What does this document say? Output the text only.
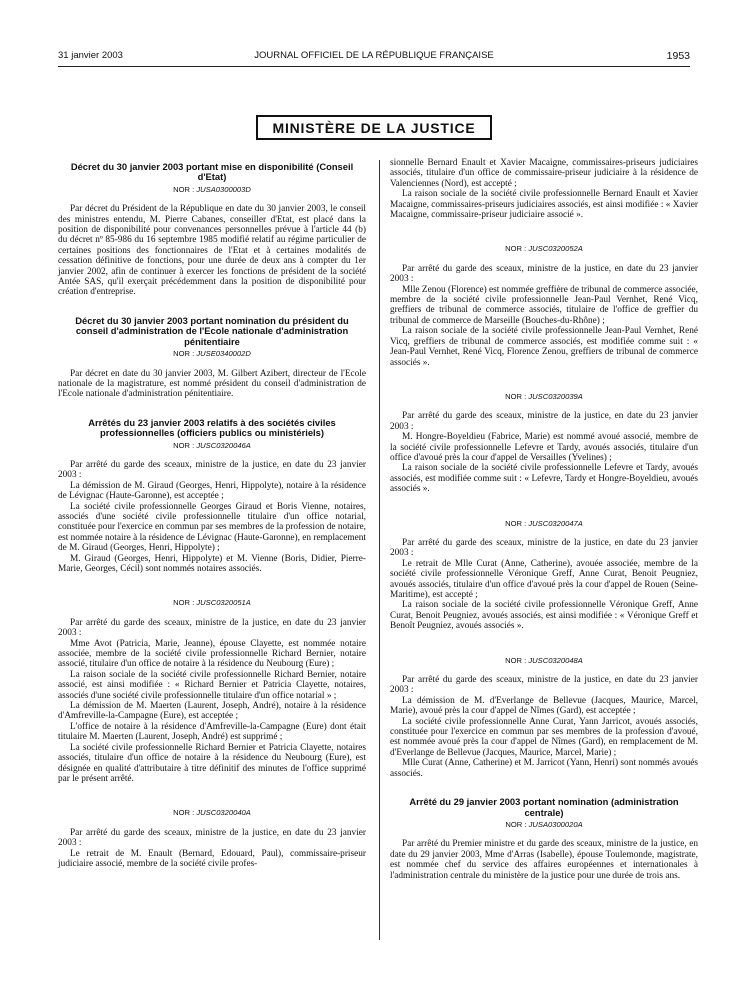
31 janvier 2003	JOURNAL OFFICIEL DE LA RÉPUBLIQUE FRANÇAISE	1953
MINISTÈRE DE LA JUSTICE
Décret du 30 janvier 2003 portant mise en disponibilité (Conseil d'Etat)
NOR : JUSA0300003D

Par décret du Président de la République en date du 30 janvier 2003, le conseil des ministres entendu, M. Pierre Cabanes, conseiller d'Etat, est placé dans la position de disponibilité pour convenances personnelles prévue à l'article 44 (b) du décret nº 85-986 du 16 septembre 1985 modifié relatif au régime particulier de certaines positions des fonctionnaires de l'Etat et à certaines modalités de cessation définitive de fonctions, pour une durée de deux ans à compter du 1er janvier 2002, afin de continuer à exercer les fonctions de président de la société Antée SAS, qu'il exerçait précédemment dans la position de disponibilité pour création d'entreprise.

Décret du 30 janvier 2003 portant nomination du président du conseil d'administration de l'Ecole nationale d'administration pénitentiaire
NOR : JUSE0340002D

Par décret en date du 30 janvier 2003, M. Gilbert Azibert, directeur de l'Ecole nationale de la magistrature, est nommé président du conseil d'administration de l'Ecole nationale d'administration pénitentiaire.

Arrêtés du 23 janvier 2003 relatifs à des sociétés civiles professionnelles (officiers publics ou ministériels)
NOR : JUSC0320046A

Par arrêté du garde des sceaux, ministre de la justice, en date du 23 janvier 2003 :

La démission de M. Giraud (Georges, Henri, Hippolyte), notaire à la résidence de Lévignac (Haute-Garonne), est acceptée ;

La société civile professionnelle Georges Giraud et Boris Vienne, notaires, associés d'une société civile professionnelle titulaire d'un office notarial, constituée pour l'exercice en commun par ses membres de la profession de notaire, est nommée notaire à la résidence de Lévignac (Haute-Garonne), en remplacement de M. Giraud (Georges, Henri, Hippolyte) ;

M. Giraud (Georges, Henri, Hippolyte) et M. Vienne (Boris, Didier, Pierre-Marie, Georges, Cécil) sont nommés notaires associés.

NOR : JUSC0320051A

Par arrêté du garde des sceaux, ministre de la justice, en date du 23 janvier 2003 :

Mme Avot (Patricia, Marie, Jeanne), épouse Clayette, est nommée notaire associée, membre de la société civile professionnelle Richard Bernier, notaire associé, titulaire d'un office de notaire à la résidence du Neubourg (Eure) ;

La raison sociale de la société civile professionnelle Richard Bernier, notaire associé, est ainsi modifiée : « Richard Bernier et Patricia Clayette, notaires, associés d'une société civile professionnelle titulaire d'un office notarial » ;

La démission de M. Maerten (Laurent, Joseph, André), notaire à la résidence d'Amfreville-la-Campagne (Eure), est acceptée ;

L'office de notaire à la résidence d'Amfreville-la-Campagne (Eure) dont était titulaire M. Maerten (Laurent, Joseph, André) est supprimé ;

La société civile professionnelle Richard Bernier et Patricia Clayette, notaires associés, titulaire d'un office de notaire à la résidence du Neubourg (Eure), est désignée en qualité d'attributaire à titre définitif des minutes de l'office supprimé par le présent arrêté.

NOR : JUSC0320040A

Par arrêté du garde des sceaux, ministre de la justice, en date du 23 janvier 2003 :

Le retrait de M. Enault (Bernard, Edouard, Paul), commissaire-priseur judiciaire associé, membre de la société civile profes-

sionnelle Bernard Enault et Xavier Macaigne, commissaires-priseurs judiciaires associés, titulaire d'un office de commissaire-priseur judiciaire à la résidence de Valenciennes (Nord), est accepté ;

La raison sociale de la société civile professionnelle Bernard Enault et Xavier Macaigne, commissaires-priseurs judiciaires associés, est ainsi modifiée : « Xavier Macaigne, commissaire-priseur judiciaire associé ».

NOR : JUSC0320052A

Par arrêté du garde des sceaux, ministre de la justice, en date du 23 janvier 2003 :

Mlle Zenou (Florence) est nommée greffière de tribunal de commerce associée, membre de la société civile professionnelle Jean-Paul Vernhet, René Vicq, greffiers de tribunal de commerce associés, titulaire de l'office de greffier du tribunal de commerce de Marseille (Bouches-du-Rhône) ;

La raison sociale de la société civile professionnelle Jean-Paul Vernhet, René Vicq, greffiers de tribunal de commerce associés, est modifiée comme suit : « Jean-Paul Vernhet, René Vicq, Florence Zenou, greffiers de tribunal de commerce associés ».

NOR : JUSC0320039A

Par arrêté du garde des sceaux, ministre de la justice, en date du 23 janvier 2003 :

M. Hongre-Boyeldieu (Fabrice, Marie) est nommé avoué associé, membre de la société civile professionnelle Lefevre et Tardy, avoués associés, titulaire d'un office d'avoué près la cour d'appel de Versailles (Yvelines) ;

La raison sociale de la société civile professionnelle Lefevre et Tardy, avoués associés, est modifiée comme suit : « Lefevre, Tardy et Hongre-Boyeldieu, avoués associés ».

NOR : JUSC0320047A

Par arrêté du garde des sceaux, ministre de la justice, en date du 23 janvier 2003 :

Le retrait de Mlle Curat (Anne, Catherine), avouée associée, membre de la société civile professionnelle Véronique Greff, Anne Curat, Benoit Peugniez, avoués associés, titulaire d'un office d'avoué près la cour d'appel de Rouen (Seine-Maritime), est accepté ;

La raison sociale de la société civile professionnelle Véronique Greff, Anne Curat, Benoit Peugniez, avoués associés, est ainsi modifiée : « Véronique Greff et Benoît Peugniez, avoués associés ».

NOR : JUSC0320048A

Par arrêté du garde des sceaux, ministre de la justice, en date du 23 janvier 2003 :

La démission de M. d'Everlange de Bellevue (Jacques, Maurice, Marcel, Marie), avoué près la cour d'appel de Nîmes (Gard), est acceptée ;

La société civile professionnelle Anne Curat, Yann Jarricot, avoués associés, constituée pour l'exercice en commun par ses membres de la profession d'avoué, est nommée avoué près la cour d'appel de Nîmes (Gard), en remplacement de M. d'Everlange de Bellevue (Jacques, Maurice, Marcel, Marie) ;

Mlle Curat (Anne, Catherine) et M. Jarricot (Yann, Henri) sont nommés avoués associés.

Arrêté du 29 janvier 2003 portant nomination (administration centrale)
NOR : JUSA0300020A

Par arrêté du Premier ministre et du garde des sceaux, ministre de la justice, en date du 29 janvier 2003, Mme d'Arras (Isabelle), épouse Toulemonde, magistrate, est nommée chef du service des affaires européennes et internationales à l'administration centrale du ministère de la justice pour une durée de trois ans.
